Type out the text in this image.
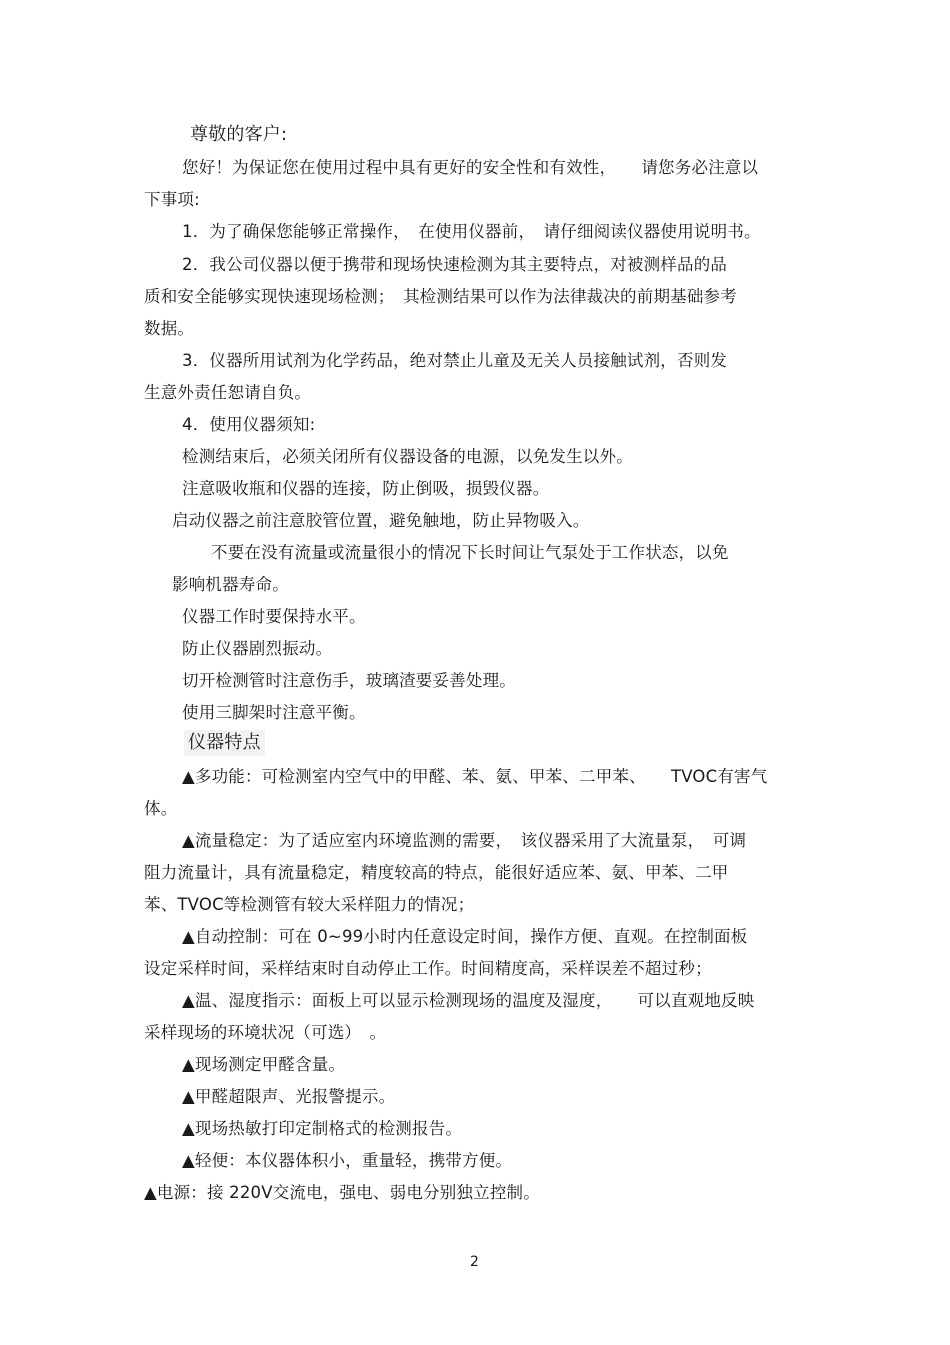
尊敬的客户:
您好！为保证您在使用过程中具有更好的安全性和有效性，　　请您务必注意以
下事项:
1．为了确保您能够正常操作，　在使用仪器前，　请仔细阅读仪器使用说明书。
2．我公司仪器以便于携带和现场快速检测为其主要特点，对被测样品的品
质和安全能够实现快速现场检测；　其检测结果可以作为法律裁决的前期基础参考
数据。
3．仪器所用试剂为化学药品，绝对禁止儿童及无关人员接触试剂，否则发
生意外责任恕请自负。
4．使用仪器须知:
检测结束后，必须关闭所有仪器设备的电源，以免发生以外。
注意吸收瓶和仪器的连接，防止倒吸，损毁仪器。
启动仪器之前注意胶管位置，避免触地，防止异物吸入。
不要在没有流量或流量很小的情况下长时间让气泵处于工作状态，以免
影响机器寿命。
仪器工作时要保持水平。
防止仪器剧烈振动。
切开检测管时注意伤手，玻璃渣要妥善处理。
使用三脚架时注意平衡。
仪器特点
▲多功能：可检测室内空气中的甲醛、苯、氨、甲苯、二甲苯、　　TVOC有害气
体。
▲流量稳定：为了适应室内环境监测的需要，　该仪器采用了大流量泵，　可调
阻力流量计，具有流量稳定，精度较高的特点，能很好适应苯、氨、甲苯、二甲
苯、TVOC等检测管有较大采样阻力的情况；
▲自动控制：可在 0~99小时内任意设定时间，操作方便、直观。在控制面板
设定采样时间，采样结束时自动停止工作。时间精度高，采样误差不超过秒；
▲温、湿度指示：面板上可以显示检测现场的温度及湿度，　　可以直观地反映
采样现场的环境状况（可选）　。
▲现场测定甲醛含量。
▲甲醛超限声、光报警提示。
▲现场热敏打印定制格式的检测报告。
▲轻便：本仪器体积小，重量轻，携带方便。
▲电源：接 220V交流电，强电、弱电分别独立控制。
2
